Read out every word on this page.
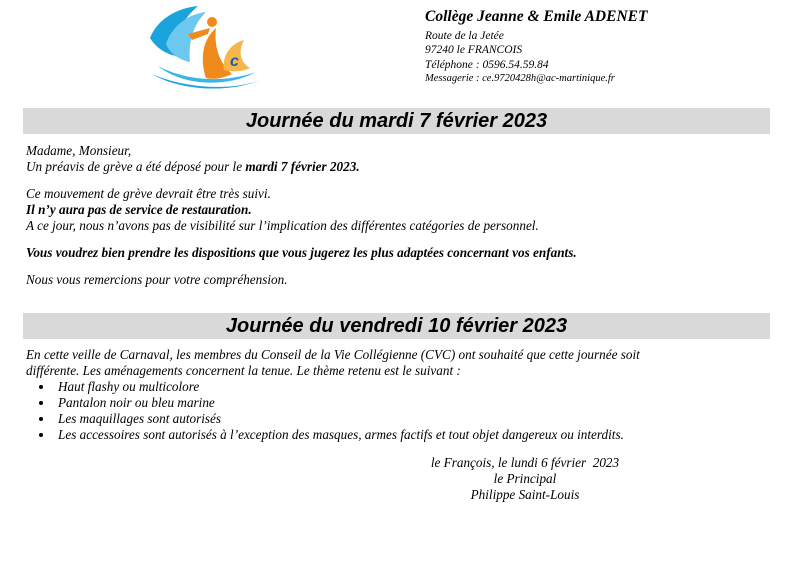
c
Collège Jeanne & Emile ADENET
Route de la Jetée
97240 le FRANCOIS
Téléphone : 0596.54.59.84
Messagerie : ce.9720428h@ac-martinique.fr
Journée du mardi 7 février 2023

Madame, Monsieur,

Un préavis de grève a été déposé pour le mardi 7 février 2023.

Ce mouvement de grève devrait être très suivi.

Il n’y aura pas de service de restauration.

A ce jour, nous n’avons pas de visibilité sur l’implication des différentes catégories de personnel.

Vous voudrez bien prendre les dispositions que vous jugerez les plus adaptées concernant vos enfants.

Nous vous remercions pour votre compréhension.

Journée du vendredi 10 février 2023

En cette veille de Carnaval, les membres du Conseil de la Vie Collégienne (CVC) ont souhaité que cette journée soit

différente. Les aménagements concernent la tenue. Le thème retenu est le suivant :

• Haut flashy ou multicolore
• Pantalon noir ou bleu marine
• Les maquillages sont autorisés
• Les accessoires sont autorisés à l’exception des masques, armes factifs et tout objet dangereux ou interdits.
le François, le lundi 6 février  2023
le Principal
Philippe Saint-Louis
